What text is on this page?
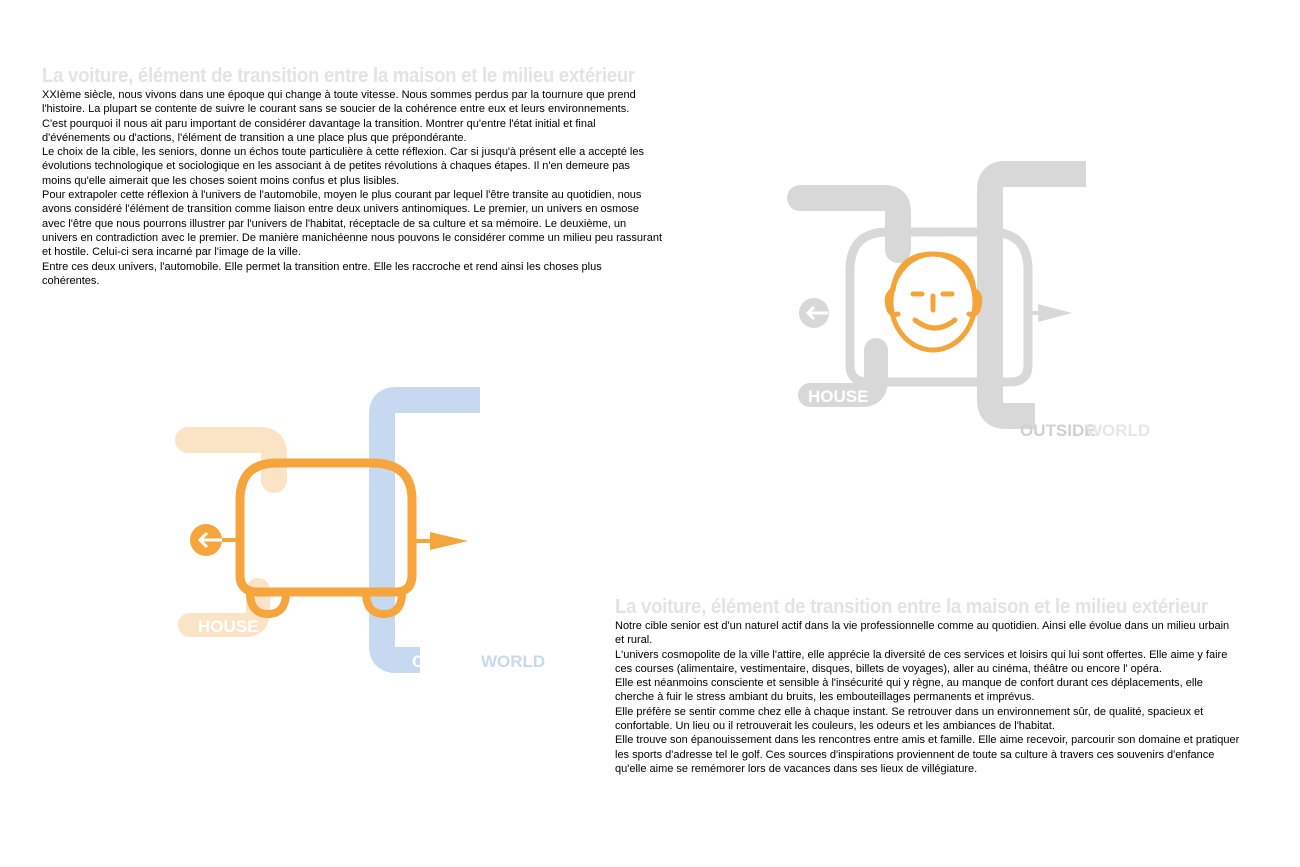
La voiture, élément de transition entre la maison et le milieu extérieur

XXIème siècle, nous vivons dans une époque qui change à toute vitesse. Nous sommes perdus par la tournure que prend l'histoire. La plupart se contente de suivre le courant sans se soucier de la cohérence entre eux et leurs environnements.

C'est pourquoi il nous ait paru important de considérer davantage la transition. Montrer qu'entre l'état initial et final d'événements ou d'actions, l'élément de transition a une place plus que prépondérante.

Le choix de la cible, les seniors, donne un échos toute particulière à cette réflexion. Car si jusqu'à présent elle a accepté les évolutions technologique et sociologique en les associant à de petites révolutions à chaques étapes. Il n'en demeure pas moins qu'elle aimerait que les choses soient moins confus et plus lisibles.

Pour extrapoler cette réflexion à l'univers de l'automobile, moyen le plus courant par lequel l'être transite au quotidien, nous avons considéré l'élément de transition comme liaison entre deux univers antinomiques. Le premier, un univers en osmose avec l'être que nous pourrons illustrer par l'univers de l'habitat, réceptacle de sa culture et sa mémoire. Le deuxième, un univers en contradiction avec le premier. De manière manichéenne nous pouvons le considérer comme un milieu peu rassurant et hostile. Celui-ci sera incarné par l'image de la ville.

Entre ces deux univers, l'automobile. Elle permet la transition entre. Elle les raccroche et rend ainsi les choses plus cohérentes.

HOUSE
OUTSIDE
WORLD
HOUSE
OUTSIDE
WORLD
La voiture, élément de transition entre la maison et le milieu extérieur

Notre cible senior est d'un naturel actif dans la vie professionnelle comme au quotidien. Ainsi elle évolue dans un milieu urbain et rural.

L'univers cosmopolite de la ville l'attire, elle apprécie la diversité de ces services et loisirs qui lui sont offertes. Elle aime y faire ces courses (alimentaire, vestimentaire, disques, billets de voyages), aller au cinéma, théâtre ou encore l' opéra.

Elle est néanmoins consciente et sensible à l'insécurité qui y règne, au manque de confort durant ces déplacements, elle cherche à fuir le stress ambiant du bruits, les embouteillages permanents et imprévus.

Elle préfère se sentir comme chez elle à chaque instant. Se retrouver dans un environnement sûr, de qualité, spacieux et confortable. Un lieu ou il retrouverait les couleurs, les odeurs et les ambiances de l'habitat.

Elle trouve son épanouissement dans les rencontres entre amis et famille. Elle aime recevoir, parcourir son domaine et pratiquer les sports d'adresse tel le golf. Ces sources d'inspirations proviennent de toute sa culture à travers ces souvenirs d'enfance qu'elle aime se remémorer lors de vacances dans ses lieux de villégiature.
